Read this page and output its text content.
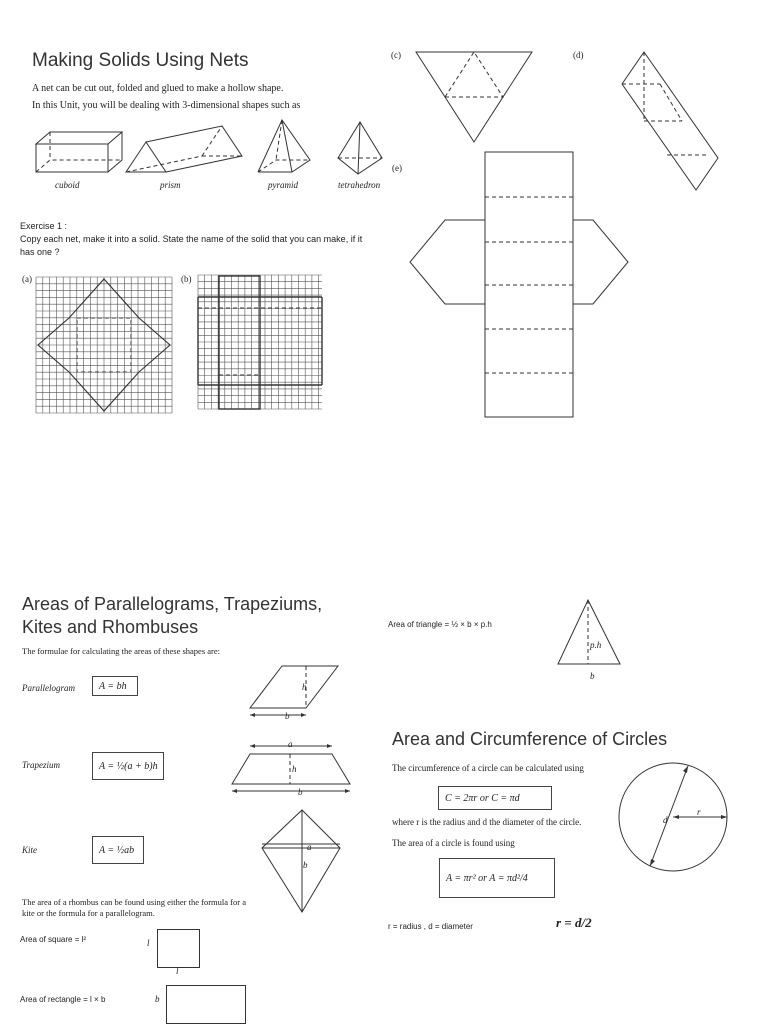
Making Solids Using Nets
A net can be cut out, folded and glued to make a hollow shape.
In this Unit, you will be dealing with 3-dimensional shapes such as
cuboid	prism	pyramid	tetrahedron
Exercise 1 :
Copy each net, make it into a solid. State the name of the solid that you can make, if it has one ?
(a)	(b)
(c)	(d)
(e)
Areas of Parallelograms, Trapeziums,
Kites and Rhombuses
The formulae for calculating the areas of these shapes are:
Parallelogram	A = bh	h
b
Trapezium	A = ½(a + b)h
a
h
b
Kite	A = ½ab	a
b
The area of a rhombus can be found using either the formula for a kite or the formula for a parallelogram.
Area of square = l²	l
l
Area of rectangle = l × b	b
Area of triangle = ½ × b × p.h
p.h
b
Area and Circumference of Circles
The circumference of a circle can be calculated using
C = 2πr or C = πd
where r is the radius and d the diameter of the circle.
The area of a circle is found using
A = πr² or A = πd²/4
r
d
r = radius , d = diameter	r = d/2
